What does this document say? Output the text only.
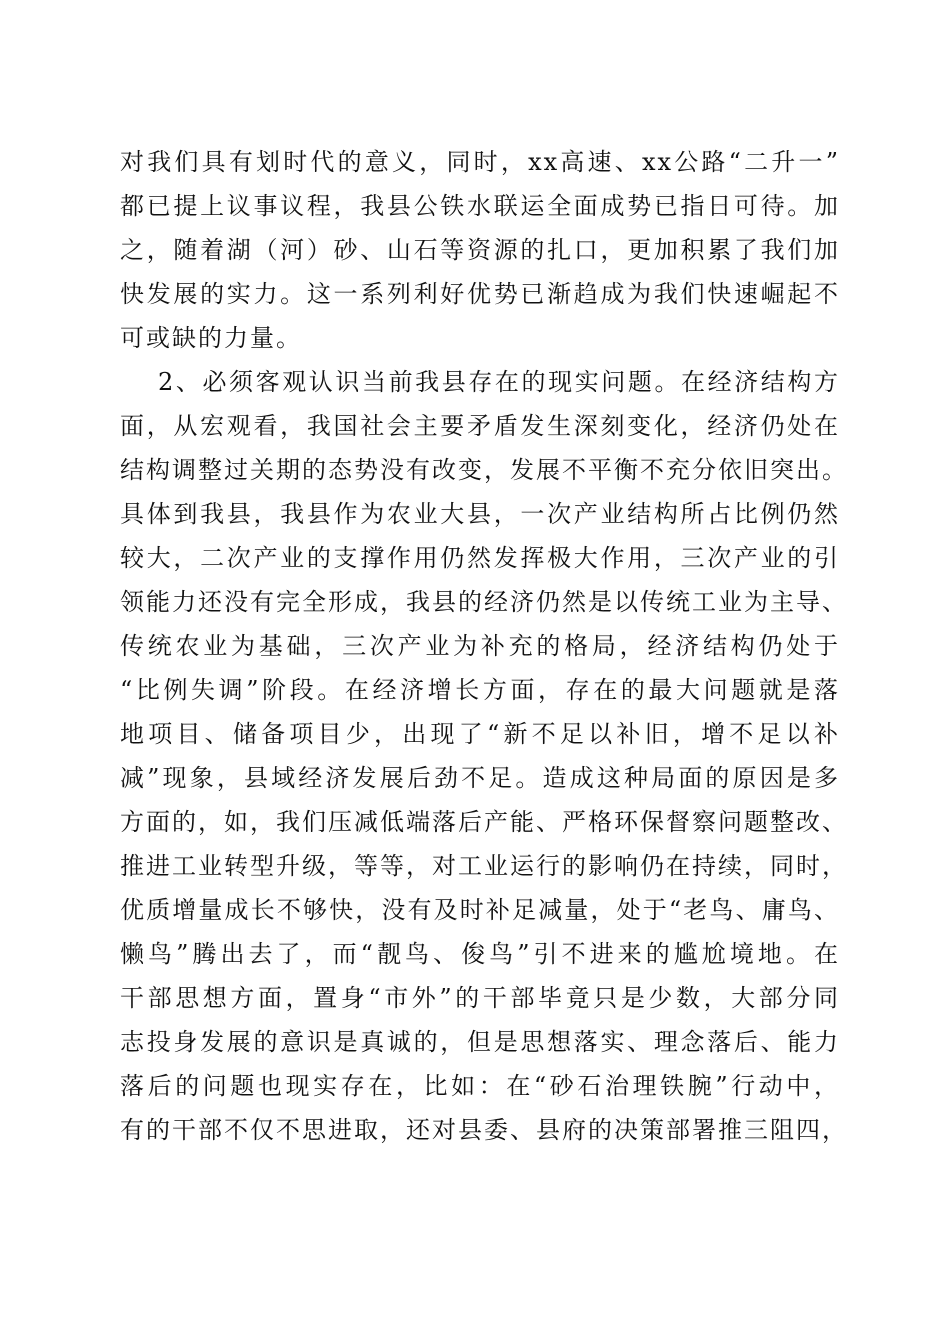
对我们具有划时代的意义，同时，xx高速、xx公路“二升一”
都已提上议事议程，我县公铁水联运全面成势已指日可待。加
之，随着湖（河）砂、山石等资源的扎口，更加积累了我们加
快发展的实力。这一系列利好优势已渐趋成为我们快速崛起不
可或缺的力量。
2、必须客观认识当前我县存在的现实问题。在经济结构方
面，从宏观看，我国社会主要矛盾发生深刻变化，经济仍处在
结构调整过关期的态势没有改变，发展不平衡不充分依旧突出。
具体到我县，我县作为农业大县，一次产业结构所占比例仍然
较大，二次产业的支撑作用仍然发挥极大作用，三次产业的引
领能力还没有完全形成，我县的经济仍然是以传统工业为主导、
传统农业为基础，三次产业为补充的格局，经济结构仍处于
“比例失调”阶段。在经济增长方面，存在的最大问题就是落
地项目、储备项目少，出现了“新不足以补旧，增不足以补
减”现象，县域经济发展后劲不足。造成这种局面的原因是多
方面的，如，我们压减低端落后产能、严格环保督察问题整改、
推进工业转型升级，等等，对工业运行的影响仍在持续，同时，
优质增量成长不够快，没有及时补足减量，处于“老鸟、庸鸟、
懒鸟”腾出去了，而“靓鸟、俊鸟”引不进来的尴尬境地。在
干部思想方面，置身“市外”的干部毕竟只是少数，大部分同
志投身发展的意识是真诚的，但是思想落实、理念落后、能力
落后的问题也现实存在，比如：在“砂石治理铁腕”行动中，
有的干部不仅不思进取，还对县委、县府的决策部署推三阻四，
